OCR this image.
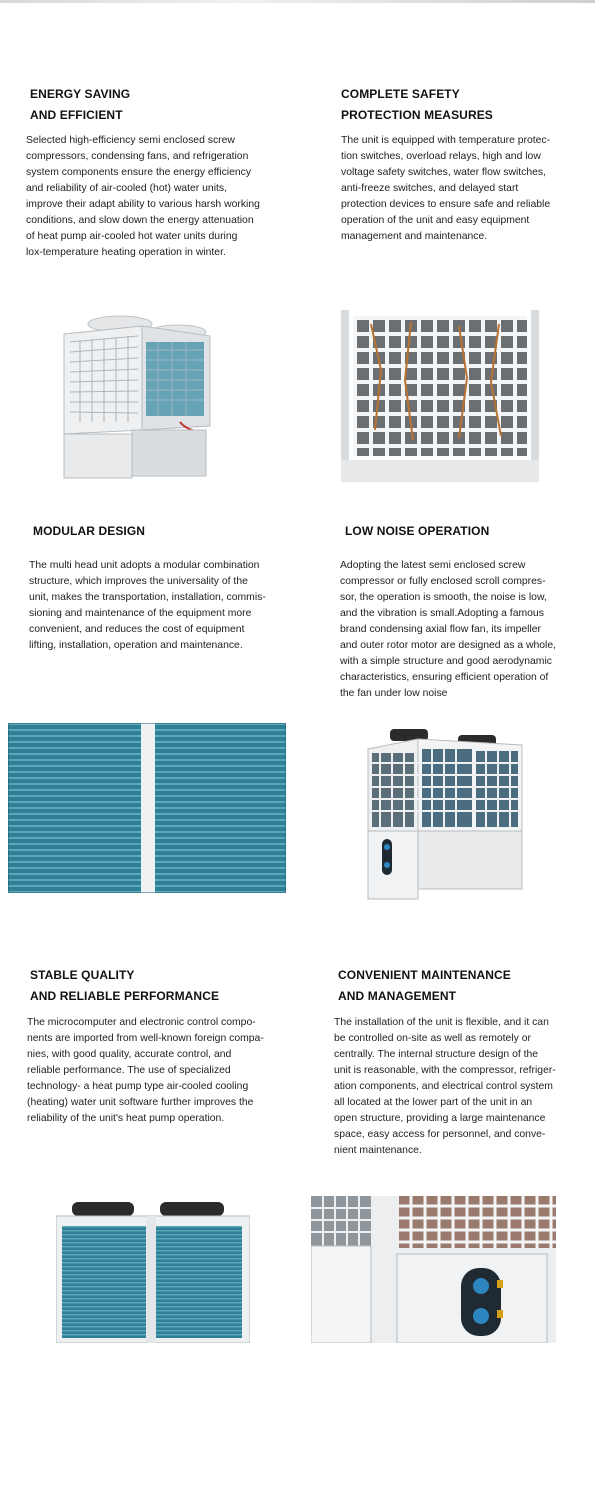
ENERGY SAVING
AND EFFICIENT
Selected high-efficiency semi enclosed screw
compressors, condensing fans, and refrigeration
system components ensure the energy efficiency
and reliability of air-cooled (hot) water units,
improve their adapt ability to various harsh working
conditions, and slow down the energy attenuation
of heat pump air-cooled hot water units during
lox-temperature heating operation in winter.
COMPLETE SAFETY
PROTECTION MEASURES
The unit is equipped with temperature protec-
tion switches, overload relays, high and low
voltage safety switches, water flow switches,
anti-freeze switches, and delayed start
protection devices to ensure safe and reliable
operation of the unit and easy equipment
management and maintenance.
MODULAR DESIGN
The multi head unit adopts a modular combination
structure, which improves the universality of the
unit, makes the transportation, installation, commis-
sioning and maintenance of the equipment more
convenient, and reduces the cost of equipment
lifting, installation, operation and maintenance.
LOW NOISE OPERATION
Adopting the latest semi enclosed screw
compressor or fully enclosed scroll compres-
sor, the operation is smooth, the noise is low,
and the vibration is small.Adopting a famous
brand condensing axial flow fan, its impeller
and outer rotor motor are designed as a whole,
with a simple structure and good aerodynamic
characteristics, ensuring efficient operation of
the fan under low noise
STABLE QUALITY
AND RELIABLE PERFORMANCE
The microcomputer and electronic control compo-
nents are imported from well-known foreign compa-
nies, with good quality, accurate control, and
reliable performance. The use of specialized
technology- a heat pump type air-cooled cooling
(heating) water unit software further improves the
reliability of the unit's heat pump operation.
CONVENIENT MAINTENANCE
AND MANAGEMENT
The installation of the unit is flexible, and it can
be controlled on-site as well as remotely or
centrally. The internal structure design of the
unit is reasonable, with the compressor, refriger-
ation components, and electrical control system
all located at the lower part of the unit in an
open structure, providing a large maintenance
space, easy access for personnel, and conve-
nient maintenance.
